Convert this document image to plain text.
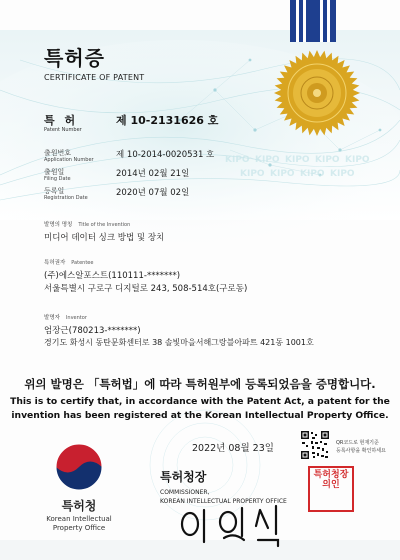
KIPO KIPO KIPO KIPO KIPO
KIPO KIPO KIPO KIPO
특허증
CERTIFICATE OF PATENT
특 허
Patent Number
제 10-2131626 호
출원번호
Application Number	제 10-2014-0020531 호
출원일
Filing Date	2014년 02월 21일
등록일
Registration Date	2020년 07월 02일
발명의 명칭 Title of the Invention
미디어 데이터 싱크 방법 및 장치
특허권자 Patentee
(주)에스알포스트(110111-*******)
서울특별시 구로구 디지털로 243, 508-514호(구로동)
발명자 Inventor
엄장근(780213-*******)
경기도 화성시 동탄문화센터로 38 솔빛마을서해그랑블아파트 421동 1001호
위의 발명은 「특허법」에 따라 특허원부에 등록되었음을 증명합니다.
This is to certify that, in accordance with the Patent Act, a patent for the
invention has been registered at the Korean Intellectual Property Office.
2022년 08월 23일
특허청장
COMMISSIONER,
KOREAN INTELLECTUAL PROPERTY OFFICE
특허청
Korean Intellectual
Property Office
QR코드로 현재기준
등록사항을 확인하세요
특허청장의인
